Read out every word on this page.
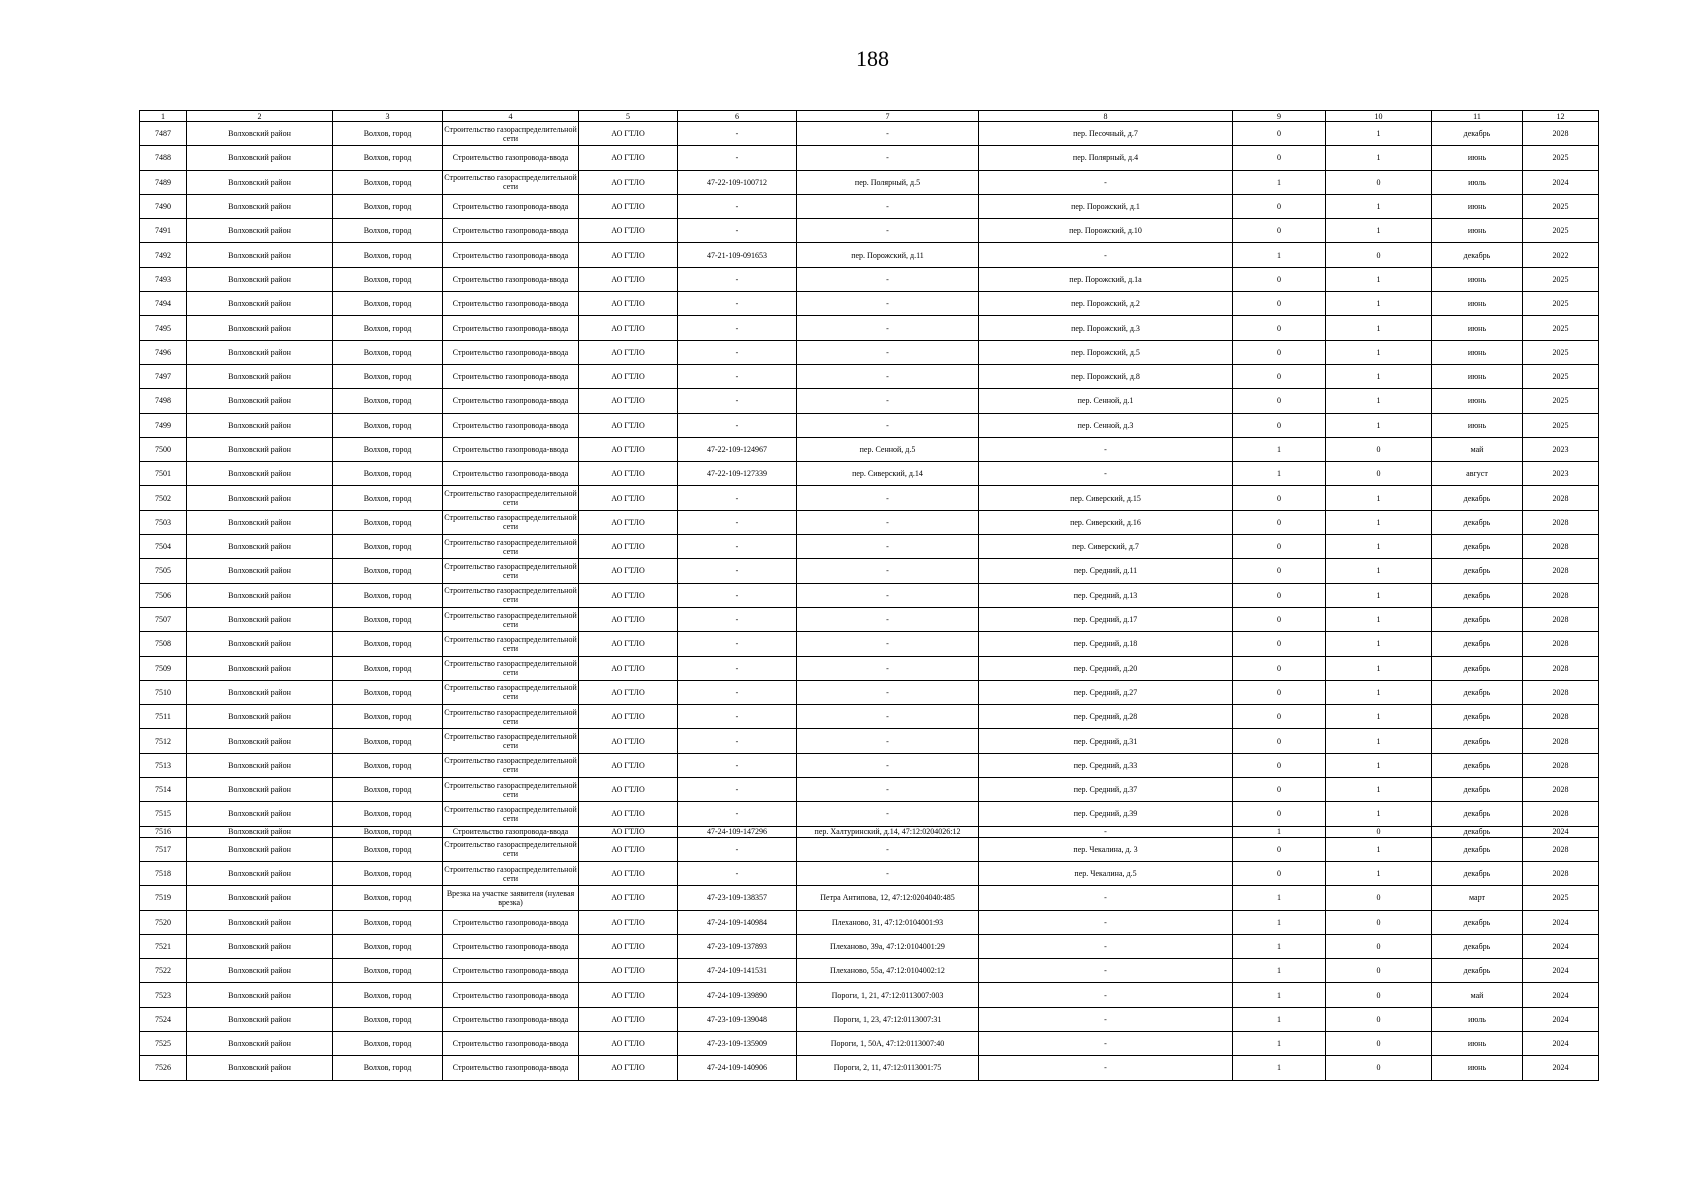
188
1	2	3	4	5	6	7	8	9	10	11	12
7487	Волховский район	Волхов, город	Строительство газораспределительной сети	АО ГТЛО	-	-	пер. Песочный, д.7	0	1	декабрь	2028
7488	Волховский район	Волхов, город	Строительство газопровода-ввода	АО ГТЛО	-	-	пер. Полярный, д.4	0	1	июнь	2025
7489	Волховский район	Волхов, город	Строительство газораспределительной сети	АО ГТЛО	47-22-109-100712	пер. Полярный, д.5	-	1	0	июль	2024
7490	Волховский район	Волхов, город	Строительство газопровода-ввода	АО ГТЛО	-	-	пер. Порожский, д.1	0	1	июнь	2025
7491	Волховский район	Волхов, город	Строительство газопровода-ввода	АО ГТЛО	-	-	пер. Порожский, д.10	0	1	июнь	2025
7492	Волховский район	Волхов, город	Строительство газопровода-ввода	АО ГТЛО	47-21-109-091653	пер. Порожский, д.11	-	1	0	декабрь	2022
7493	Волховский район	Волхов, город	Строительство газопровода-ввода	АО ГТЛО	-	-	пер. Порожский, д.1а	0	1	июнь	2025
7494	Волховский район	Волхов, город	Строительство газопровода-ввода	АО ГТЛО	-	-	пер. Порожский, д.2	0	1	июнь	2025
7495	Волховский район	Волхов, город	Строительство газопровода-ввода	АО ГТЛО	-	-	пер. Порожский, д.3	0	1	июнь	2025
7496	Волховский район	Волхов, город	Строительство газопровода-ввода	АО ГТЛО	-	-	пер. Порожский, д.5	0	1	июнь	2025
7497	Волховский район	Волхов, город	Строительство газопровода-ввода	АО ГТЛО	-	-	пер. Порожский, д.8	0	1	июнь	2025
7498	Волховский район	Волхов, город	Строительство газопровода-ввода	АО ГТЛО	-	-	пер. Сенной, д.1	0	1	июнь	2025
7499	Волховский район	Волхов, город	Строительство газопровода-ввода	АО ГТЛО	-	-	пер. Сенной, д.3	0	1	июнь	2025
7500	Волховский район	Волхов, город	Строительство газопровода-ввода	АО ГТЛО	47-22-109-124967	пер. Сенной, д.5	-	1	0	май	2023
7501	Волховский район	Волхов, город	Строительство газопровода-ввода	АО ГТЛО	47-22-109-127339	пер. Сиверский, д.14	-	1	0	август	2023
7502	Волховский район	Волхов, город	Строительство газораспределительной сети	АО ГТЛО	-	-	пер. Сиверский, д.15	0	1	декабрь	2028
7503	Волховский район	Волхов, город	Строительство газораспределительной сети	АО ГТЛО	-	-	пер. Сиверский, д.16	0	1	декабрь	2028
7504	Волховский район	Волхов, город	Строительство газораспределительной сети	АО ГТЛО	-	-	пер. Сиверский, д.7	0	1	декабрь	2028
7505	Волховский район	Волхов, город	Строительство газораспределительной сети	АО ГТЛО	-	-	пер. Средний, д.11	0	1	декабрь	2028
7506	Волховский район	Волхов, город	Строительство газораспределительной сети	АО ГТЛО	-	-	пер. Средний, д.13	0	1	декабрь	2028
7507	Волховский район	Волхов, город	Строительство газораспределительной сети	АО ГТЛО	-	-	пер. Средний, д.17	0	1	декабрь	2028
7508	Волховский район	Волхов, город	Строительство газораспределительной сети	АО ГТЛО	-	-	пер. Средний, д.18	0	1	декабрь	2028
7509	Волховский район	Волхов, город	Строительство газораспределительной сети	АО ГТЛО	-	-	пер. Средний, д.20	0	1	декабрь	2028
7510	Волховский район	Волхов, город	Строительство газораспределительной сети	АО ГТЛО	-	-	пер. Средний, д.27	0	1	декабрь	2028
7511	Волховский район	Волхов, город	Строительство газораспределительной сети	АО ГТЛО	-	-	пер. Средний, д.28	0	1	декабрь	2028
7512	Волховский район	Волхов, город	Строительство газораспределительной сети	АО ГТЛО	-	-	пер. Средний, д.31	0	1	декабрь	2028
7513	Волховский район	Волхов, город	Строительство газораспределительной сети	АО ГТЛО	-	-	пер. Средний, д.33	0	1	декабрь	2028
7514	Волховский район	Волхов, город	Строительство газораспределительной сети	АО ГТЛО	-	-	пер. Средний, д.37	0	1	декабрь	2028
7515	Волховский район	Волхов, город	Строительство газораспределительной сети	АО ГТЛО	-	-	пер. Средний, д.39	0	1	декабрь	2028
7516	Волховский район	Волхов, город	Строительство газопровода-ввода	АО ГТЛО	47-24-109-147296	пер. Халтуринский, д.14, 47:12:0204026:12	-	1	0	декабрь	2024
7517	Волховский район	Волхов, город	Строительство газораспределительной сети	АО ГТЛО	-	-	пер. Чекалина, д. 3	0	1	декабрь	2028
7518	Волховский район	Волхов, город	Строительство газораспределительной сети	АО ГТЛО	-	-	пер. Чекалина, д.5	0	1	декабрь	2028
7519	Волховский район	Волхов, город	Врезка на участке заявителя (нулевая врезка)	АО ГТЛО	47-23-109-138357	Петра Антипова, 12, 47:12:0204040:485	-	1	0	март	2025
7520	Волховский район	Волхов, город	Строительство газопровода-ввода	АО ГТЛО	47-24-109-140984	Плеханово, 31, 47:12:0104001:93	-	1	0	декабрь	2024
7521	Волховский район	Волхов, город	Строительство газопровода-ввода	АО ГТЛО	47-23-109-137893	Плеханово, 39а, 47:12:0104001:29	-	1	0	декабрь	2024
7522	Волховский район	Волхов, город	Строительство газопровода-ввода	АО ГТЛО	47-24-109-141531	Плеханово, 55а, 47:12:0104002:12	-	1	0	декабрь	2024
7523	Волховский район	Волхов, город	Строительство газопровода-ввода	АО ГТЛО	47-24-109-139890	Пороги, 1, 21, 47:12:0113007:003	-	1	0	май	2024
7524	Волховский район	Волхов, город	Строительство газопровода-ввода	АО ГТЛО	47-23-109-139048	Пороги, 1, 23, 47:12:0113007:31	-	1	0	июль	2024
7525	Волховский район	Волхов, город	Строительство газопровода-ввода	АО ГТЛО	47-23-109-135909	Пороги, 1, 50А, 47:12:0113007:40	-	1	0	июнь	2024
7526	Волховский район	Волхов, город	Строительство газопровода-ввода	АО ГТЛО	47-24-109-140906	Пороги, 2, 11, 47:12:0113001:75	-	1	0	июнь	2024
